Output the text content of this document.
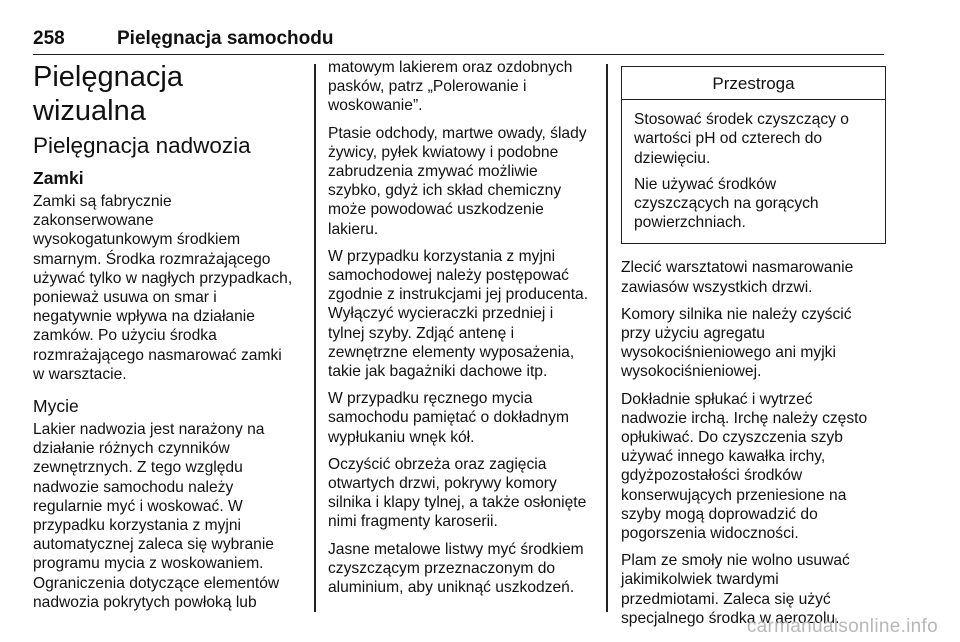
258	Pielęgnacja samochodu
Pielęgnacja wizualna
Pielęgnacja nadwozia
Zamki

Zamki są fabrycznie
zakonserwowane
wysokogatunkowym środkiem
smarnym. Środka rozmrażającego
używać tylko w nagłych przypadkach,
ponieważ usuwa on smar i
negatywnie wpływa na działanie
zamków. Po użyciu środka
rozmrażającego nasmarować zamki
w warsztacie.

Mycie

Lakier nadwozia jest narażony na
działanie różnych czynników
zewnętrznych. Z tego względu
nadwozie samochodu należy
regularnie myć i woskować. W
przypadku korzystania z myjni
automatycznej zaleca się wybranie
programu mycia z woskowaniem.
Ograniczenia dotyczące elementów
nadwozia pokrytych powłoką lub

matowym lakierem oraz ozdobnych
pasków, patrz „Polerowanie i
woskowanie”.

Ptasie odchody, martwe owady, ślady
żywicy, pyłek kwiatowy i podobne
zabrudzenia zmywać możliwie
szybko, gdyż ich skład chemiczny
może powodować uszkodzenie
lakieru.

W przypadku korzystania z myjni
samochodowej należy postępować
zgodnie z instrukcjami jej producenta.
Wyłączyć wycieraczki przedniej i
tylnej szyby. Zdjąć antenę i
zewnętrzne elementy wyposażenia,
takie jak bagażniki dachowe itp.

W przypadku ręcznego mycia
samochodu pamiętać o dokładnym
wypłukaniu wnęk kół.

Oczyścić obrzeża oraz zagięcia
otwartych drzwi, pokrywy komory
silnika i klapy tylnej, a także osłonięte
nimi fragmenty karoserii.

Jasne metalowe listwy myć środkiem
czyszczącym przeznaczonym do
aluminium, aby uniknąć uszkodzeń.

Przestroga

Stosować środek czyszczący o
wartości pH od czterech do
dziewięciu.

Nie używać środków
czyszczących na gorących
powierzchniach.

Zlecić warsztatowi nasmarowanie
zawiasów wszystkich drzwi.

Komory silnika nie należy czyścić
przy użyciu agregatu
wysokociśnieniowego ani myjki
wysokociśnieniowej.

Dokładnie spłukać i wytrzeć
nadwozie irchą. Irchę należy często
opłukiwać. Do czyszczenia szyb
używać innego kawałka irchy,
gdyżpozostałości środków
konserwujących przeniesione na
szyby mogą doprowadzić do
pogorszenia widoczności.

Plam ze smoły nie wolno usuwać
jakimikolwiek twardymi
przedmiotami. Zaleca się użyć
specjalnego środka w aerozolu.

carmanualsonline.info
